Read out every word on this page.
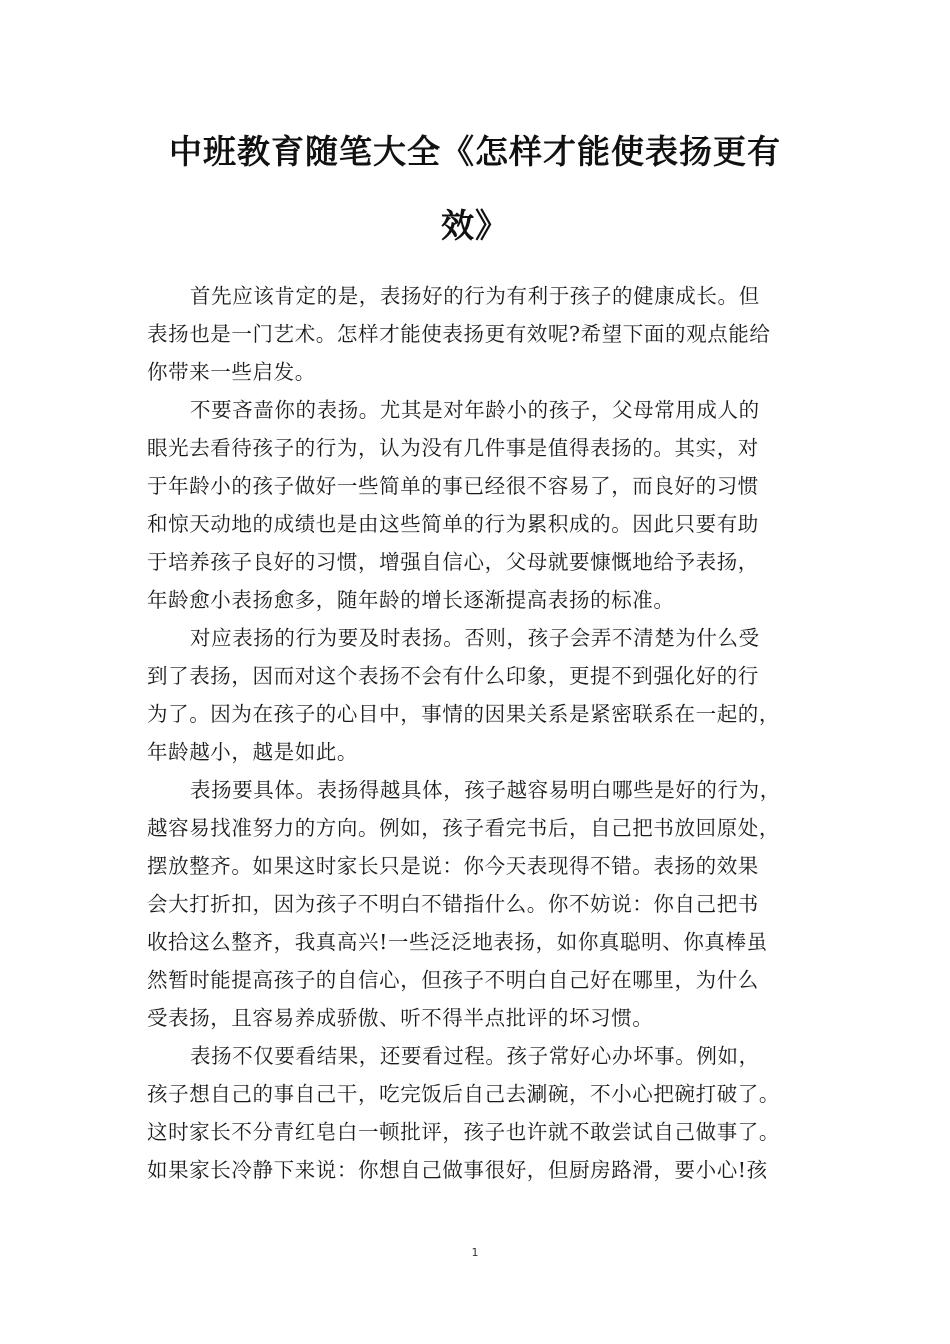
中班教育随笔大全《怎样才能使表扬更有
效》
首先应该肯定的是，表扬好的行为有利于孩子的健康成长。但
表扬也是一门艺术。怎样才能使表扬更有效呢?希望下面的观点能给
你带来一些启发。
不要吝啬你的表扬。尤其是对年龄小的孩子，父母常用成人的
眼光去看待孩子的行为，认为没有几件事是值得表扬的。其实，对
于年龄小的孩子做好一些简单的事已经很不容易了，而良好的习惯
和惊天动地的成绩也是由这些简单的行为累积成的。因此只要有助
于培养孩子良好的习惯，增强自信心，父母就要慷慨地给予表扬，
年龄愈小表扬愈多，随年龄的增长逐渐提高表扬的标准。
对应表扬的行为要及时表扬。否则，孩子会弄不清楚为什么受
到了表扬，因而对这个表扬不会有什么印象，更提不到强化好的行
为了。因为在孩子的心目中，事情的因果关系是紧密联系在一起的，
年龄越小，越是如此。
表扬要具体。表扬得越具体，孩子越容易明白哪些是好的行为，
越容易找准努力的方向。例如，孩子看完书后，自己把书放回原处，
摆放整齐。如果这时家长只是说：你今天表现得不错。表扬的效果
会大打折扣，因为孩子不明白不错指什么。你不妨说：你自己把书
收拾这么整齐，我真高兴!一些泛泛地表扬，如你真聪明、你真棒虽
然暂时能提高孩子的自信心，但孩子不明白自己好在哪里，为什么
受表扬，且容易养成骄傲、听不得半点批评的坏习惯。
表扬不仅要看结果，还要看过程。孩子常好心办坏事。例如，
孩子想自己的事自己干，吃完饭后自己去涮碗，不小心把碗打破了。
这时家长不分青红皂白一顿批评，孩子也许就不敢尝试自己做事了。
如果家长冷静下来说：你想自己做事很好，但厨房路滑，要小心!孩
1
